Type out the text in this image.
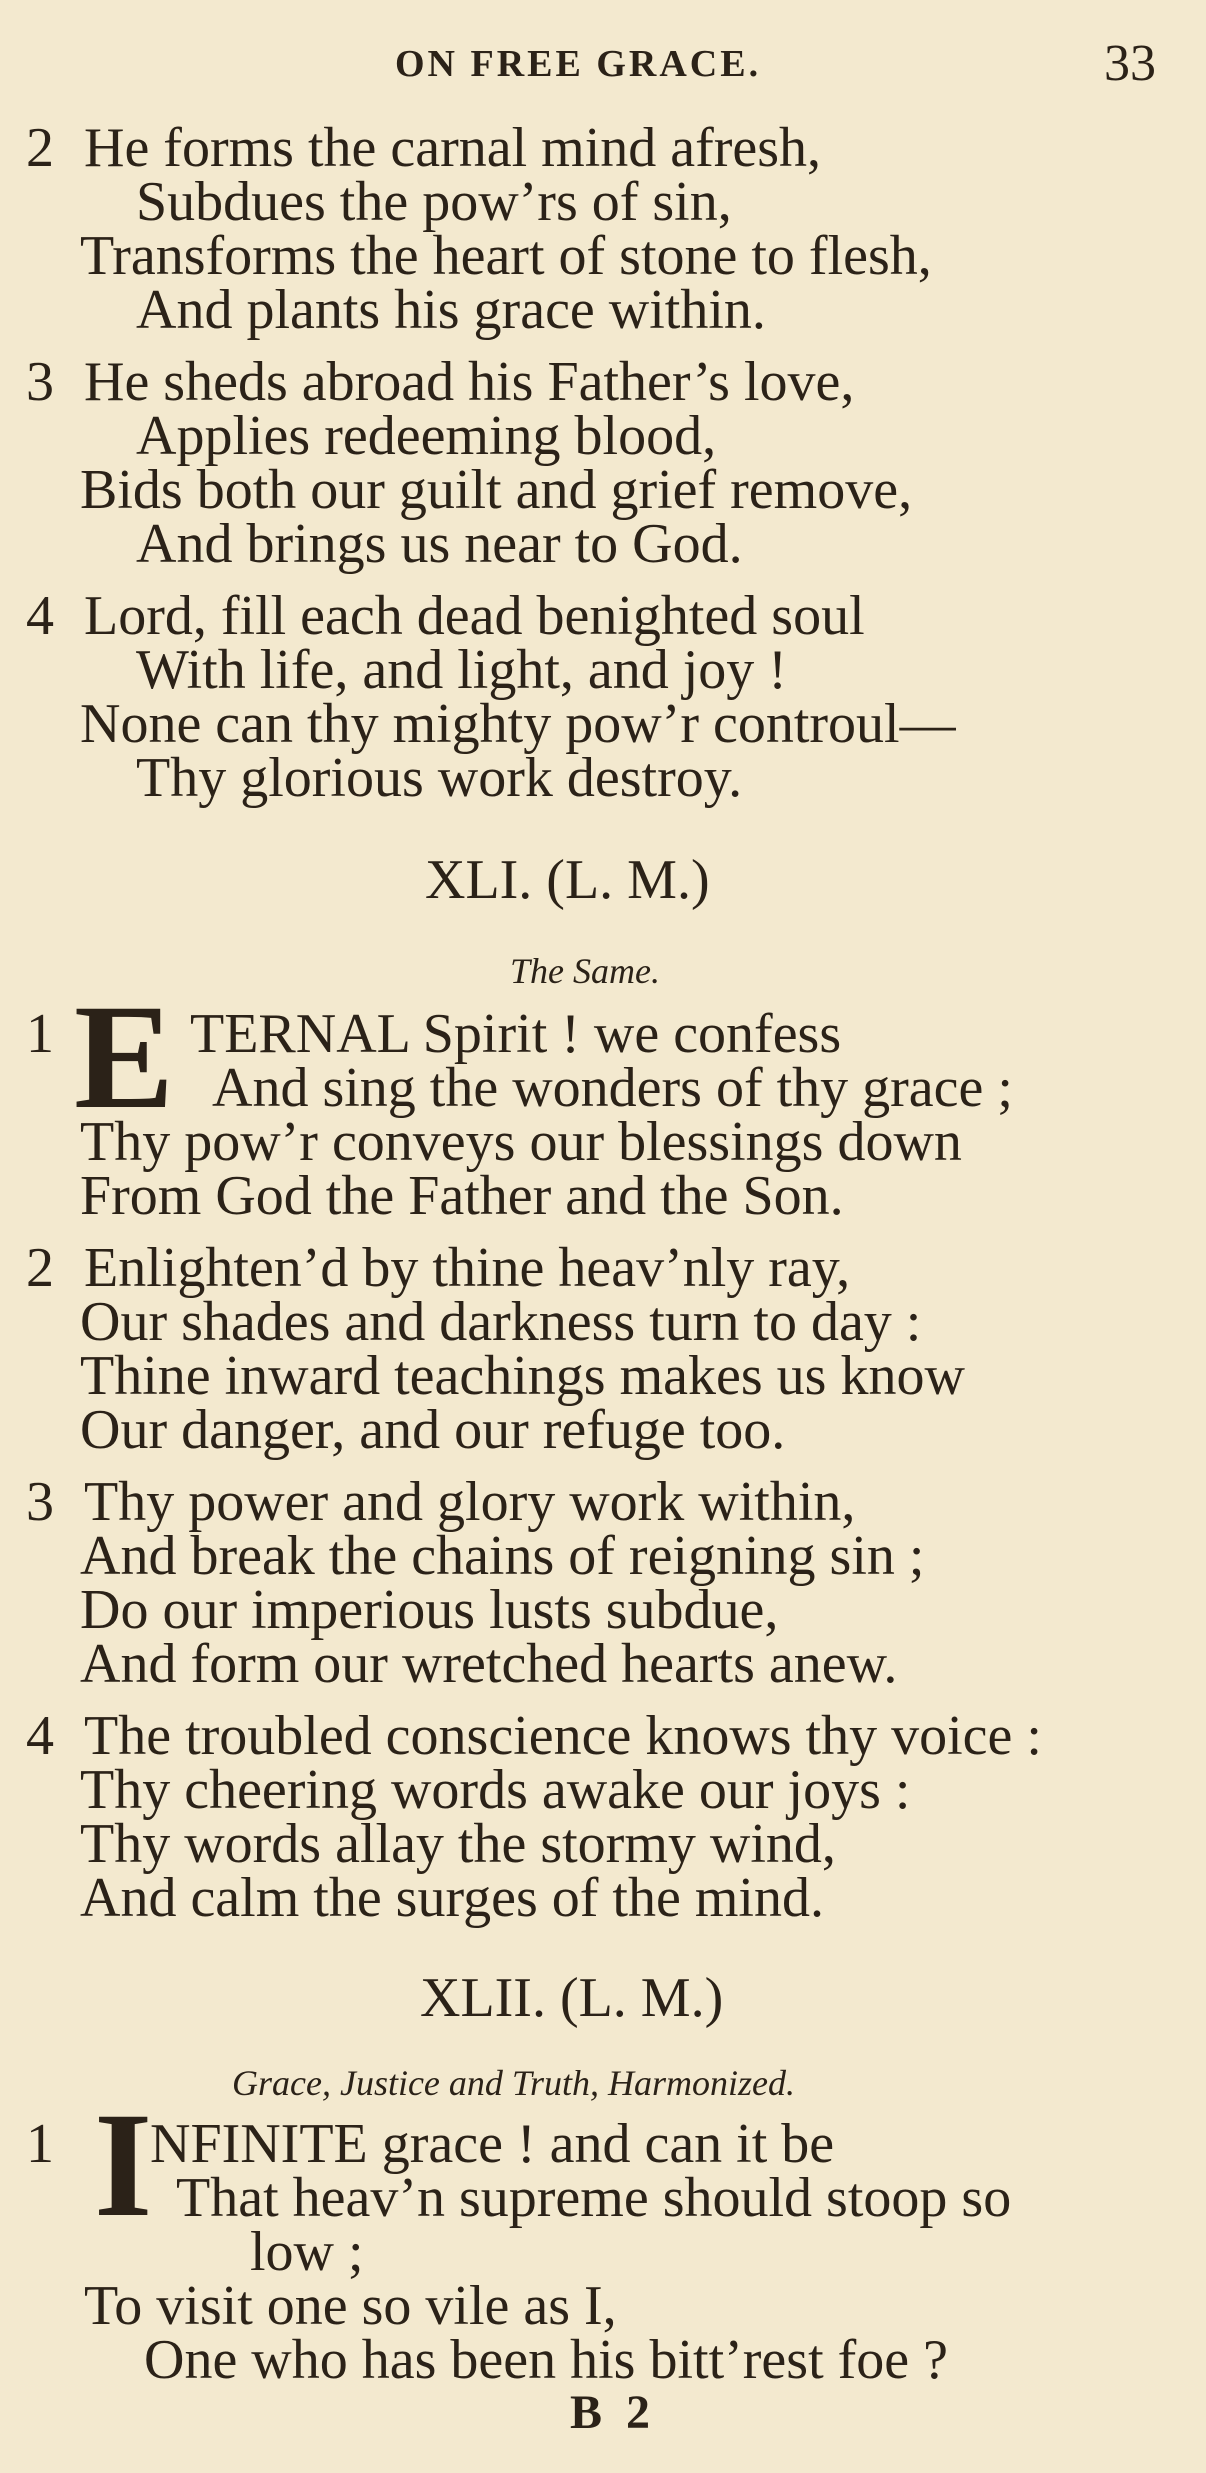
ON FREE GRACE.	33
2 He forms the carnal mind afresh,
Subdues the pow’rs of sin,
Transforms the heart of stone to flesh,
And plants his grace within.
3 He sheds abroad his Father’s love,
Applies redeeming blood,
Bids both our guilt and grief remove,
And brings us near to God.
4 Lord, fill each dead benighted soul
With life, and light, and joy !
None can thy mighty pow’r controul—
Thy glorious work destroy.
XLI. (L. M.)
The Same.
1 E TERNAL Spirit ! we confess
And sing the wonders of thy grace ;
Thy pow’r conveys our blessings down
From God the Father and the Son.
2 Enlighten’d by thine heav’nly ray,
Our shades and darkness turn to day :
Thine inward teachings makes us know
Our danger, and our refuge too.
3 Thy power and glory work within,
And break the chains of reigning sin ;
Do our imperious lusts subdue,
And form our wretched hearts anew.
4 The troubled conscience knows thy voice :
Thy cheering words awake our joys :
Thy words allay the stormy wind,
And calm the surges of the mind.
XLII. (L. M.)
Grace, Justice and Truth, Harmonized.
1 I
NFINITE grace ! and can it be
That heav’n supreme should stoop so
low ;
To visit one so vile as I,
One who has been his bitt’rest foe ?
B 2
